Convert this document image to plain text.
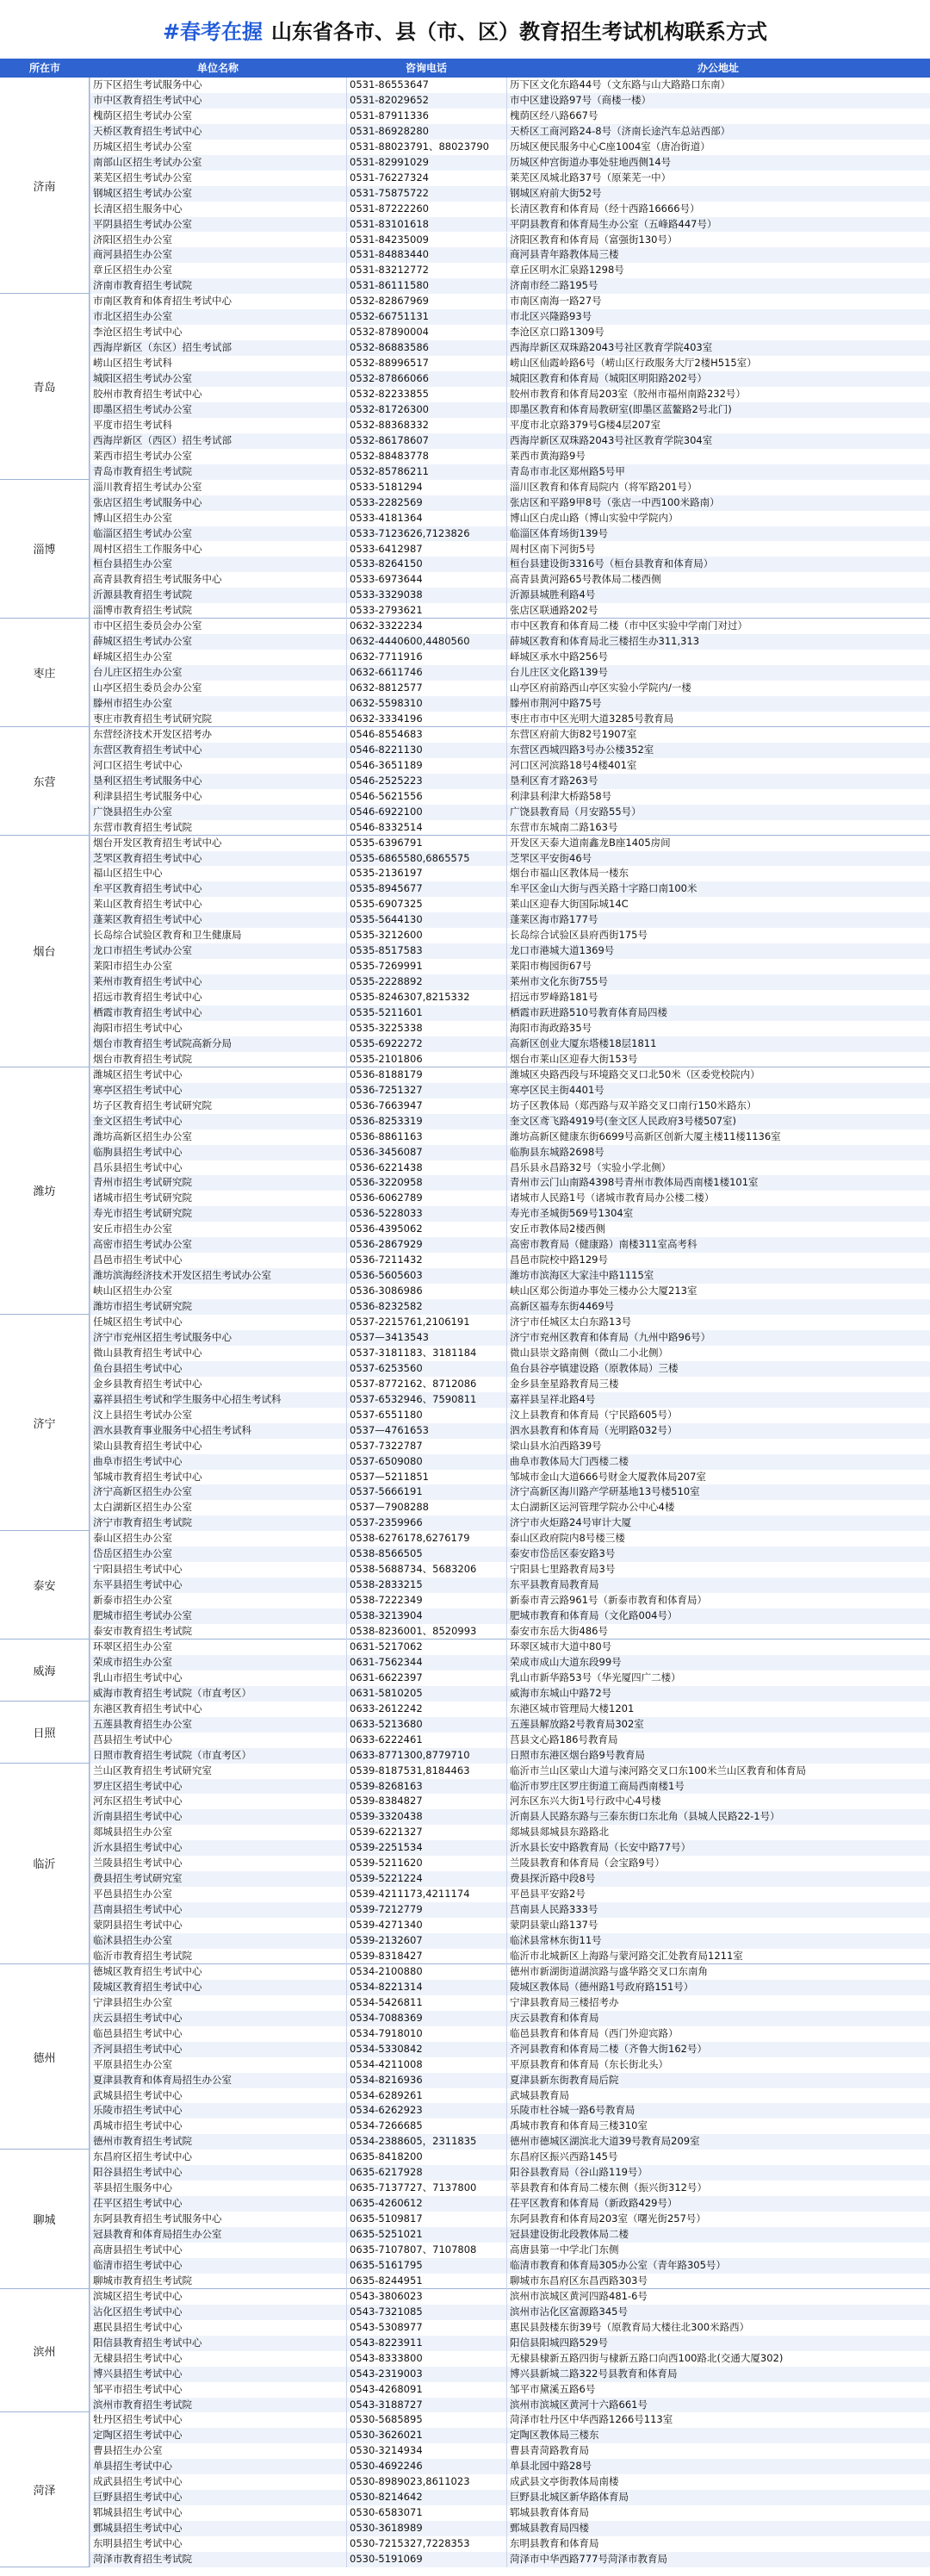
#春考在握 山东省各市、县（市、区）教育招生考试机构联系方式
所在市	单位名称	咨询电话	办公地址
济南
历下区招生考试服务中心	0531-86553647	历下区文化东路44号（文东路与山大路路口东南）
市中区教育招生考试中心	0531-82029652	市中区建设路97号（商楼一楼）
槐荫区招生考试办公室	0531-87911336	槐荫区经八路667号
天桥区教育招生考试中心	0531-86928280	天桥区工商河路24-8号（济南长途汽车总站西部）
历城区招生考试办公室	0531-88023791、88023790	历城区便民服务中心C座1004室（唐冶街道）
南部山区招生考试办公室	0531-82991029	历城区仲宫街道办事处驻地西侧14号
莱芜区招生考试办公室	0531-76227324	莱芜区凤城北路37号（原莱芜一中）
钢城区招生考试办公室	0531-75875722	钢城区府前大街52号
长清区招生服务中心	0531-87222260	长清区教育和体育局（经十西路16666号）
平阴县招生考试办公室	0531-83101618	平阴县教育和体育局生办公室（五峰路447号）
济阳区招生办公室	0531-84235009	济阳区教育和体育局（富强街130号）
商河县招生办公室	0531-84883440	商河县青年路教体局三楼
章丘区招生办公室	0531-83212772	章丘区明水汇泉路1298号
济南市教育招生考试院	0531-86111580	济南市经二路195号
青岛
市南区教育和体育招生考试中心	0532-82867969	市南区南海一路27号
市北区招生办公室	0532-66751131	市北区兴隆路93号
李沧区招生考试中心	0532-87890004	李沧区京口路1309号
西海岸新区（东区）招生考试部	0532-86883586	西海岸新区双珠路2043号社区教育学院403室
崂山区招生考试科	0532-88996517	崂山区仙霞岭路6号（崂山区行政服务大厅2楼H515室）
城阳区招生考试办公室	0532-87866066	城阳区教育和体育局（城阳区明阳路202号）
胶州市教育招生考试中心	0532-82233855	胶州市教育和体育局203室（胶州市福州南路232号）
即墨区招生考试办公室	0532-81726300	即墨区教育和体育局教研室(即墨区蓝鳌路2号北门)
平度市招生考试科	0532-88368332	平度市北京路379号G楼4层207室
西海岸新区（西区）招生考试部	0532-86178607	西海岸新区双珠路2043号社区教育学院304室
莱西市招生考试办公室	0532-88483778	莱西市黄海路9号
青岛市教育招生考试院	0532-85786211	青岛市市北区郑州路5号甲
淄博
淄川教育招生考试办公室	0533-5181294	淄川区教育和体育局院内（将军路201号）
张店区招生考试服务中心	0533-2282569	张店区和平路9甲8号（张店一中西100米路南）
博山区招生办公室	0533-4181364	博山区白虎山路（博山实验中学院内）
临淄区招生考试办公室	0533-7123626,7123826	临淄区体育场街139号
周村区招生工作服务中心	0533-6412987	周村区南下河街5号
桓台县招生办公室	0533-8264150	桓台县建设街3316号（桓台县教育和体育局）
高青县教育招生考试服务中心	0533-6973644	高青县黄河路65号教体局二楼西侧
沂源县教育招生考试院	0533-3329038	沂源县城胜利路4号
淄博市教育招生考试院	0533-2793621	张店区联通路202号
枣庄
市中区招生委员会办公室	0632-3322234	市中区教育和体育局二楼（市中区实验中学南门对过）
薛城区招生考试办公室	0632-4440600,4480560	薛城区教育和体育局北三楼招生办311,313
峄城区招生办公室	0632-7711916	峄城区承水中路256号
台儿庄区招生办公室	0632-6611746	台儿庄区文化路139号
山亭区招生委员会办公室	0632-8812577	山亭区府前路西山亭区实验小学院内/一楼
滕州市招生办公室	0632-5598310	滕州市荆河中路75号
枣庄市教育招生考试研究院	0632-3334196	枣庄市市中区光明大道3285号教育局
东营
东营经济技术开发区招考办	0546-8554683	东营区府前大街82号1907室
东营区教育招生考试中心	0546-8221130	东营区西城四路3号办公楼352室
河口区招生考试中心	0546-3651189	河口区河滨路18号4楼401室
垦利区招生考试服务中心	0546-2525223	垦利区育才路263号
利津县招生考试服务中心	0546-5621556	利津县利津大桥路58号
广饶县招生办公室	0546-6922100	广饶县教育局（月安路55号）
东营市教育招生考试院	0546-8332514	东营市东城南二路163号
烟台
烟台开发区教育招生考试中心	0535-6396791	开发区天泰大道南鑫龙B座1405房间
芝罘区教育招生考试中心	0535-6865580,6865575	芝罘区平安街46号
福山区招生中心	0535-2136197	烟台市福山区教体局一楼东
牟平区教育招生考试中心	0535-8945677	牟平区金山大街与西关路十字路口南100米
莱山区教育招生考试中心	0535-6907325	莱山区迎春大街国际城14C
蓬莱区教育招生考试中心	0535-5644130	蓬莱区海市路177号
长岛综合试验区教育和卫生健康局	0535-3212600	长岛综合试验区县府西街175号
龙口市招生考试办公室	0535-8517583	龙口市港城大道1369号
莱阳市招生办公室	0535-7269991	莱阳市梅园街67号
莱州市教育招生考试中心	0535-2228892	莱州市文化东街755号
招远市教育招生考试中心	0535-8246307,8215332	招远市罗峰路181号
栖霞市教育招生考试中心	0535-5211601	栖霞市跃进路510号教育体育局四楼
海阳市招生考试中心	0535-3225338	海阳市海政路35号
烟台市教育招生考试院高新分局	0535-6922272	高新区创业大厦东塔楼18层1811
烟台市教育招生考试院	0535-2101806	烟台市莱山区迎春大街153号
潍坊
潍城区招生考试中心	0536-8188179	潍城区央路西段与环境路交叉口北50米（区委党校院内）
寒亭区招生考试中心	0536-7251327	寒亭区民主街4401号
坊子区教育招生考试研究院	0536-7663947	坊子区教体局（郑西路与双羊路交叉口南行150米路东）
奎文区招生考试中心	0536-8253319	奎文区鸢飞路4919号(奎文区人民政府3号楼507室)
潍坊高新区招生办公室	0536-8861163	潍坊高新区健康东街6699号高新区创新大厦主楼11楼1136室
临朐县招生考试中心	0536-3456087	临朐县东城路2698号
昌乐县招生考试中心	0536-6221438	昌乐县永昌路32号（实验小学北侧）
青州市招生考试研究院	0536-3220958	青州市云门山南路4398号青州市教体局西南楼1楼101室
诸城市招生考试研究院	0536-6062789	诸城市人民路1号（诸城市教育局办公楼二楼）
寿光市招生考试研究院	0536-5228033	寿光市圣城街569号1304室
安丘市招生办公室	0536-4395062	安丘市教体局2楼西侧
高密市招生考试办公室	0536-2867929	高密市教育局（健康路）南楼311室高考科
昌邑市招生考试中心	0536-7211432	昌邑市院校中路129号
潍坊滨海经济技术开发区招生考试办公室	0536-5605603	潍坊市滨海区大家洼中路1115室
峡山区招生办公室	0536-3086986	峡山区郑公街道办事处三楼办公大厦213室
潍坊市招生考试研究院	0536-8232582	高新区福寿东街4469号
济宁
任城区招生考试中心	0537-2215761,2106191	济宁市任城区太白东路13号
济宁市兖州区招生考试服务中心	0537—3413543	济宁市兖州区教育和体育局（九州中路96号）
微山县教育招生考试中心	0537-3181183、3181184	微山县崇文路南侧（微山二小北侧）
鱼台县招生考试中心	0537-6253560	鱼台县谷亭镇建设路（原教体局）三楼
金乡县教育招生考试中心	0537-8772162、8712086	金乡县奎星路教育局三楼
嘉祥县招生考试和学生服务中心招生考试科	0537-6532946、7590811	嘉祥县呈祥北路4号
汶上县招生考试办公室	0537-6551180	汶上县教育和体育局（宁民路605号）
泗水县教育事业服务中心招生考试科	0537—4761653	泗水县教育和体育局（光明路032号）
梁山县教育招生考试中心	0537-7322787	梁山县水泊西路39号
曲阜市招生考试中心	0537-6509080	曲阜市教体局大门西楼二楼
邹城市教育招生考试中心	0537—5211851	邹城市金山大道666号财金大厦教体局207室
济宁高新区招生办公室	0537-5666191	济宁高新区海川路产学研基地13号楼510室
太白湖新区招生办公室	0537—7908288	太白湖新区运河管理学院办公中心4楼
济宁市教育招生考试院	0537-2359966	济宁市火炬路24号审计大厦
泰安
泰山区招生办公室	0538-6276178,6276179	泰山区政府院内8号楼三楼
岱岳区招生办公室	0538-8566505	泰安市岱岳区泰安路3号
宁阳县招生考试中心	0538-5688734、5683206	宁阳县七里路教育局3号
东平县招生考试中心	0538-2833215	东平县教育局教育局
新泰市招生办公室	0538-7222349	新泰市青云路961号（新泰市教育和体育局）
肥城市招生考试办公室	0538-3213904	肥城市教育和体育局（文化路004号）
泰安市教育招生考试院	0538-8236001、8520993	泰安市东岳大街486号
威海
环翠区招生办公室	0631-5217062	环翠区城市大道中80号
荣成市招生办公室	0631-7562344	荣成市成山大道东段99号
乳山市招生考试中心	0631-6622397	乳山市新华路53号（华光厦四广二楼）
威海市教育招生考试院（市直考区）	0631-5810205	威海市东城山中路72号
日照
东港区教育招生考试中心	0633-2612242	东港区城市管理局大楼1201
五莲县教育招生办公室	0633-5213680	五莲县解放路2号教育局302室
莒县招生考试中心	0633-6222461	莒县文心路186号教育局
日照市教育招生考试院（市直考区）	0633-8771300,8779710	日照市东港区烟台路9号教育局
临沂
兰山区教育招生考试研究室	0539-8187531,8184463	临沂市兰山区蒙山大道与涑河路交叉口东100米兰山区教育和体育局
罗庄区招生考试中心	0539-8268163	临沂市罗庄区罗庄街道工商局西南楼1号
河东区招生考试中心	0539-8384827	河东区东兴大街1号行政中心4号楼
沂南县招生考试中心	0539-3320438	沂南县人民路东路与三泰东街口东北角（县城人民路22-1号）
郯城县招生办公室	0539-6221327	郯城县郯城县东路路北
沂水县招生考试中心	0539-2251534	沂水县长安中路教育局（长安中路77号）
兰陵县招生考试中心	0539-5211620	兰陵县教育和体育局（会宝路9号）
费县招生考试研究室	0539-5221224	费县探沂路中段8号
平邑县招生办公室	0539-4211173,4211174	平邑县平安路2号
莒南县招生考试中心	0539-7212779	莒南县人民路333号
蒙阴县招生考试中心	0539-4271340	蒙阴县蒙山路137号
临沭县招生办公室	0539-2132607	临沭县常林东街11号
临沂市教育招生考试院	0539-8318427	临沂市北城新区上海路与蒙河路交汇处教育局1211室
德州
德城区教育招生考试中心	0534-2100880	德州市新湖街道湖滨路与盛华路交叉口东南角
陵城区教育招生考试中心	0534-8221314	陵城区教体局（德州路1号政府路151号）
宁津县招生办公室	0534-5426811	宁津县教育局三楼招考办
庆云县招生考试中心	0534-7088369	庆云县教育和体育局
临邑县招生考试中心	0534-7918010	临邑县教育和体育局（西门外迎宾路）
齐河县招生考试中心	0534-5330842	齐河县教育和体育局二楼（齐鲁大街162号）
平原县招生办公室	0534-4211008	平原县教育和体育局（东长街北头）
夏津县教育和体育局招生办公室	0534-8216936	夏津县新东街教育局后院
武城县招生考试中心	0534-6289261	武城县教育局
乐陵市招生考试中心	0534-6262923	乐陵市杜谷城一路6号教育局
禹城市招生考试中心	0534-7266685	禹城市教育和体育局三楼310室
德州市教育招生考试院	0534-2388605，2311835	德州市德城区湖滨北大道39号教育局209室
聊城
东昌府区招生考试中心	0635-8418200	东昌府区振兴西路145号
阳谷县招生考试中心	0635-6217928	阳谷县教育局（谷山路119号）
莘县招生服务中心	0635-7137727、7137800	莘县教育和体育局二楼东侧（振兴街312号）
茌平区招生考试中心	0635-4260612	茌平区教育和体育局（新政路429号）
东阿县教育招生考试服务中心	0635-5109817	东阿县教育和体育局203室（曙光街257号）
冠县教育和体育局招生办公室	0635-5251021	冠县建设街北段教体局二楼
高唐县招生考试中心	0635-7107807、7107808	高唐县第一中学北门东侧
临清市招生考试中心	0635-5161795	临清市教育和体育局305办公室（青年路305号）
聊城市教育招生考试院	0635-8244951	聊城市东昌府区东昌西路303号
滨州
滨城区招生考试中心	0543-3806023	滨州市滨城区黄河四路481-6号
沾化区招生考试中心	0543-7321085	滨州市沾化区富源路345号
惠民县招生考试中心	0543-5308977	惠民县鼓楼东街39号（原教育局大楼往北300米路西）
阳信县教育招生考试中心	0543-8223911	阳信县阳城四路529号
无棣县招生考试中心	0543-8333800	无棣县棣新五路四街与棣新五路口向西100路北(交通大厦302)
博兴县招生考试中心	0543-2319003	博兴县新城二路322号县教育和体育局
邹平市招生考试中心	0543-4268091	邹平市黛溪五路6号
滨州市教育招生考试院	0543-3188727	滨州市滨城区黄河十六路661号
菏泽
牡丹区招生考试中心	0530-5685895	菏泽市牡丹区中华西路1266号113室
定陶区招生考试中心	0530-3626021	定陶区教体局三楼东
曹县招生办公室	0530-3214934	曹县青菏路教育局
单县招生考试中心	0530-4692246	单县北园中路28号
成武县招生考试中心	0530-8989023,8611023	成武县文亭街教体局南楼
巨野县招生考试中心	0530-8214642	巨野县北城区新华路体育局
郓城县招生考试中心	0530-6583071	郓城县教育体育局
鄄城县招生考试中心	0530-3618989	鄄城县教育局四楼
东明县招生考试中心	0530-7215327,7228353	东明县教育和体育局
菏泽市教育招生考试院	0530-5191069	菏泽市中华西路777号菏泽市教育局
